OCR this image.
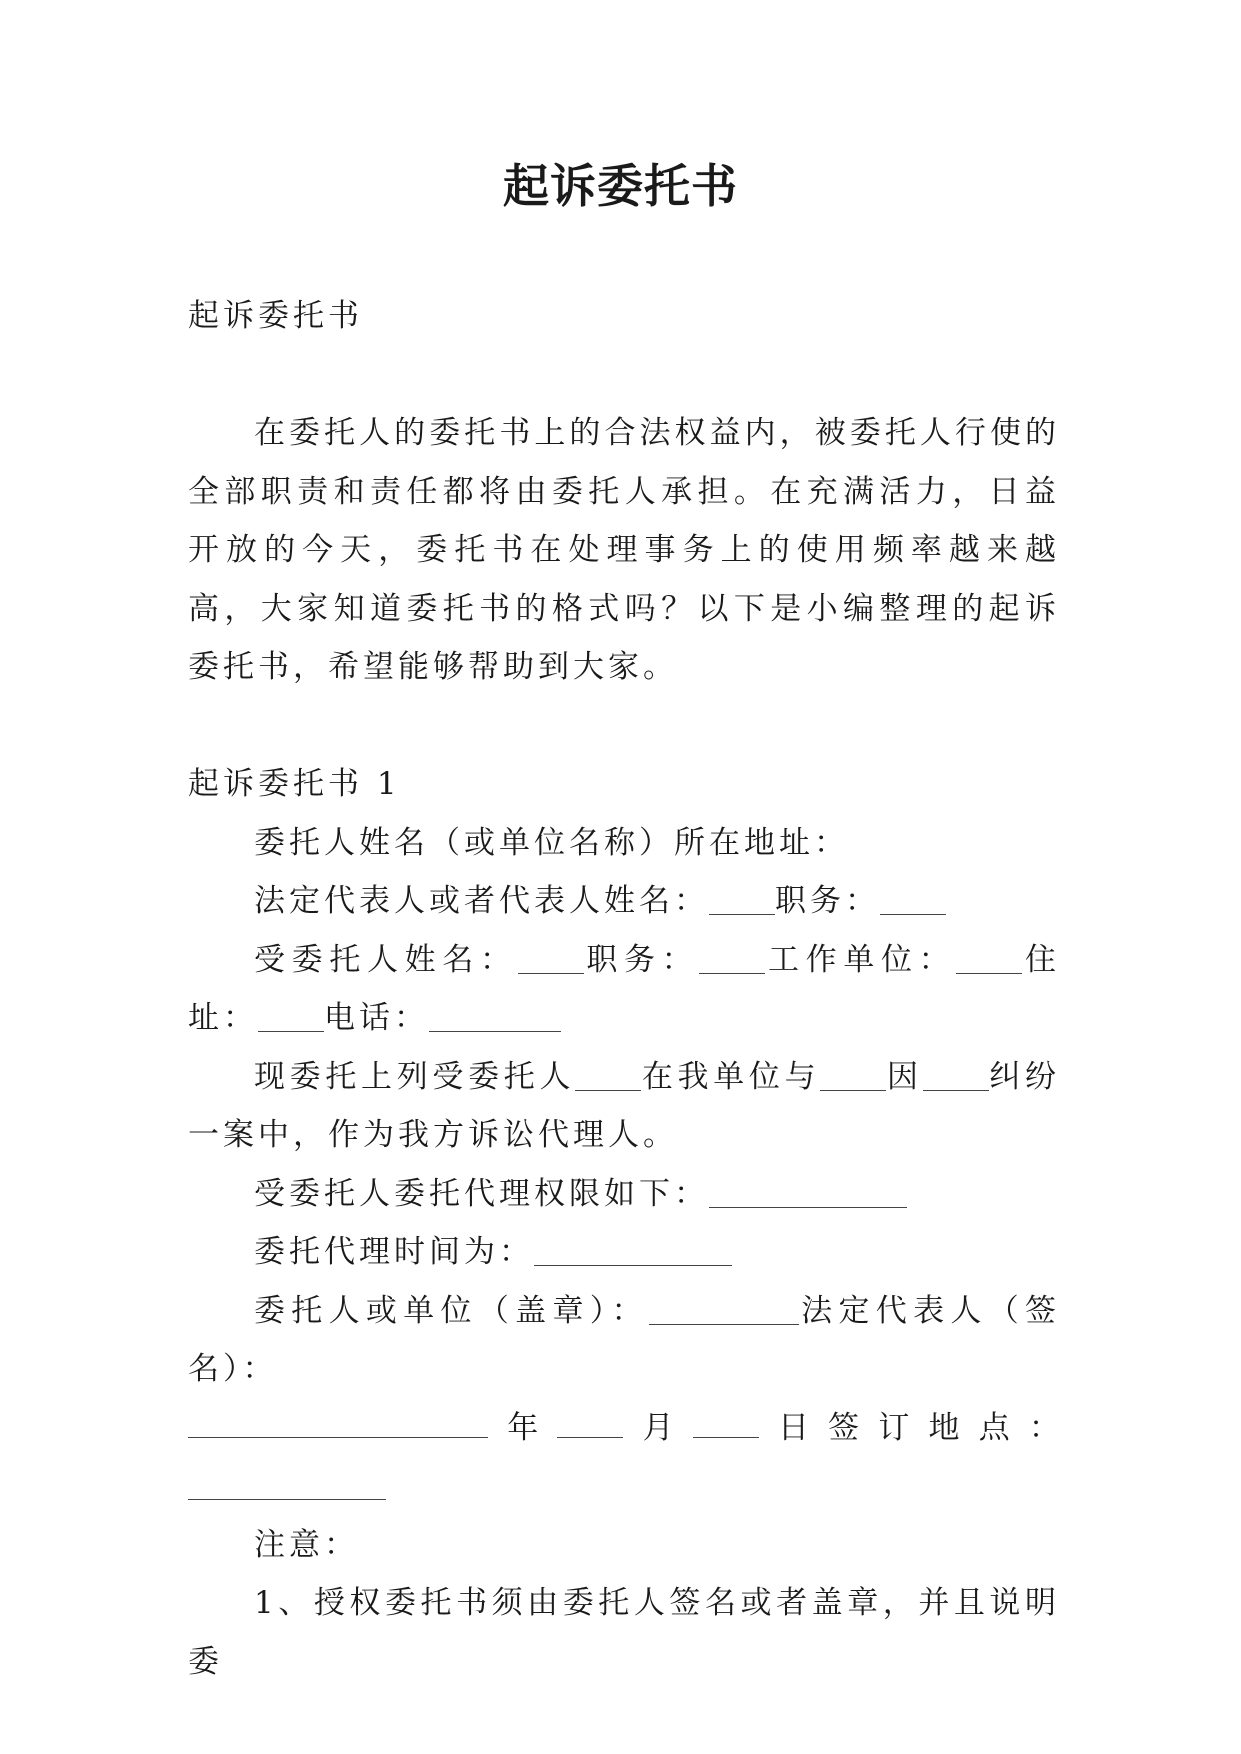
起诉委托书

起诉委托书

在委托人的委托书上的合法权益内，被委托人行使的全部职责和责任都将由委托人承担。在充满活力，日益开放的今天，委托书在处理事务上的使用频率越来越高，大家知道委托书的格式吗？以下是小编整理的起诉委托书，希望能够帮助到大家。

起诉委托书 1

委托人姓名（或单位名称）所在地址：

法定代表人或者代表人姓名： 职务：

受委托人姓名： 职务： 工作单位： 住址： 电话：

现委托上列受委托人 在我单位与 因 纠纷一案中，作为我方诉讼代理人。

受委托人委托代理权限如下：

委托代理时间为：

委托人或单位（盖章）：	法定代表人（签名）：

年	月	日 签 订 地 点 ：

注意：

1、授权委托书须由委托人签名或者盖章，并且说明委
